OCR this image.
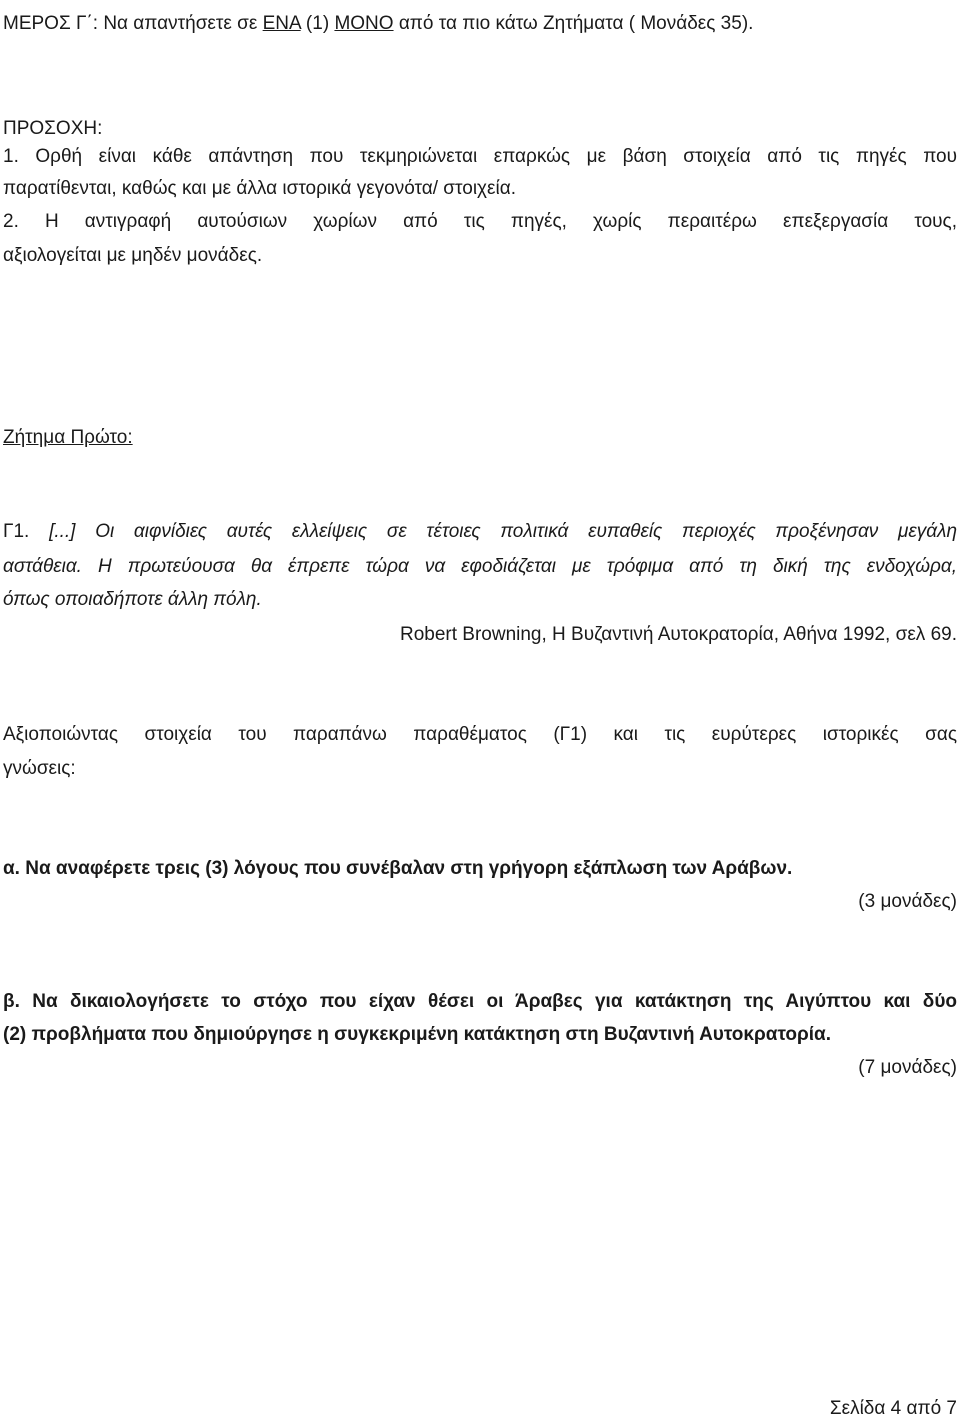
ΜΕΡΟΣ Γ΄: Να απαντήσετε σε ΕΝΑ (1) ΜΟΝΟ από τα πιο κάτω Ζητήματα ( Μονάδες 35).
ΠΡΟΣΟΧΗ:
1. Ορθή είναι κάθε απάντηση που τεκμηριώνεται επαρκώς με βάση στοιχεία από τις πηγές που
παρατίθενται, καθώς και με άλλα ιστορικά γεγονότα/ στοιχεία.
2. Η αντιγραφή αυτούσιων χωρίων από τις πηγές, χωρίς περαιτέρω επεξεργασία τους,
αξιολογείται με μηδέν μονάδες.
Ζήτημα Πρώτο:
Γ1. [...] Οι αιφνίδιες αυτές ελλείψεις σε τέτοιες πολιτικά ευπαθείς περιοχές προξένησαν μεγάλη
αστάθεια. Η πρωτεύουσα θα έπρεπε τώρα να εφοδιάζεται με τρόφιμα από τη δική της ενδοχώρα,
όπως οποιαδήποτε άλλη πόλη.
Robert Browning, Η Βυζαντινή Αυτοκρατορία, Αθήνα 1992, σελ 69.
Αξιοποιώντας στοιχεία του παραπάνω παραθέματος (Γ1) και τις ευρύτερες ιστορικές σας
γνώσεις:
α. Να αναφέρετε τρεις (3) λόγους που συνέβαλαν στη γρήγορη εξάπλωση των Αράβων.
(3 μονάδες)
β. Να δικαιολογήσετε το στόχο που είχαν θέσει οι Άραβες για κατάκτηση της Αιγύπτου και δύο
(2) προβλήματα που δημιούργησε η συγκεκριμένη κατάκτηση στη Βυζαντινή Αυτοκρατορία.
(7 μονάδες)
Σελίδα 4 από 7
